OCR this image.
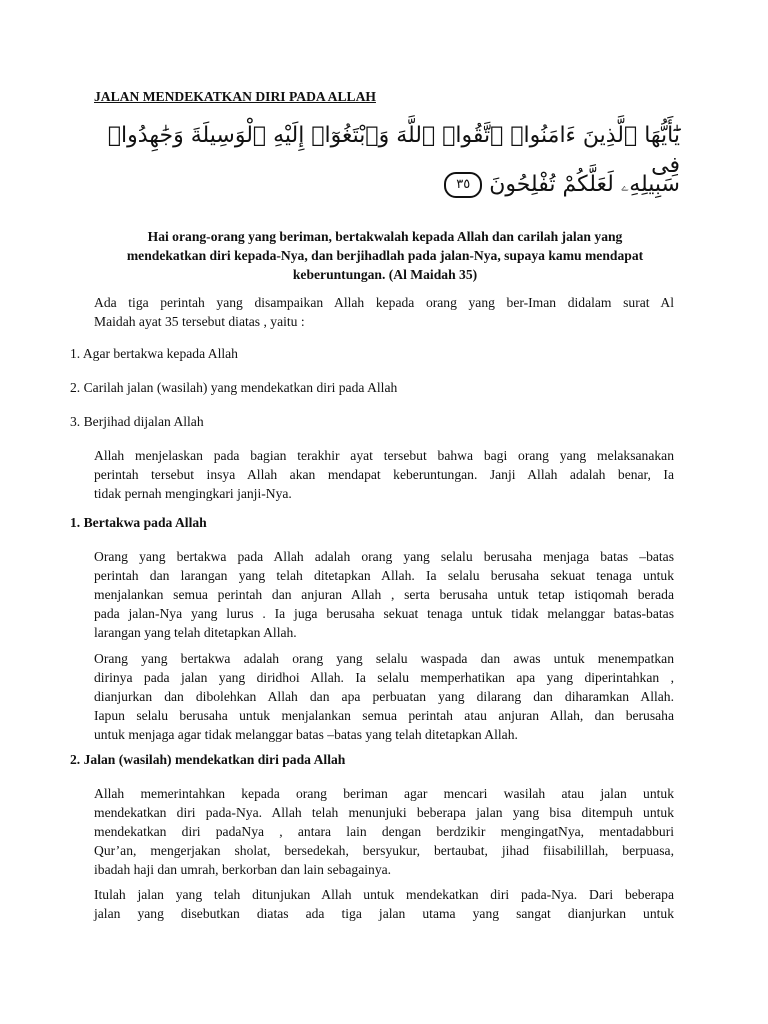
JALAN MENDEKATKAN DIRI PADA ALLAH
يَٰٓأَيُّهَا ٱلَّذِينَ ءَامَنُوا۟ ٱتَّقُوا۟ ٱللَّهَ وَٱبْتَغُوٓا۟ إِلَيْهِ ٱلْوَسِيلَةَ وَجَٰهِدُوا۟ فِى
سَبِيلِهِۦ لَعَلَّكُمْ تُفْلِحُونَ ٣٥
Hai orang-orang yang beriman, bertakwalah kepada Allah dan carilah jalan yang mendekatkan diri kepada-Nya, dan berjihadlah pada jalan-Nya, supaya kamu mendapat keberuntungan. (Al Maidah 35)
Ada tiga perintah yang disampaikan Allah kepada orang yang ber-Iman didalam surat Al
Maidah ayat 35 tersebut diatas , yaitu :
1. Agar bertakwa kepada Allah
2. Carilah jalan (wasilah) yang mendekatkan diri pada Allah
3. Berjihad dijalan Allah
Allah menjelaskan pada bagian terakhir ayat tersebut bahwa bagi orang yang melaksanakan
perintah tersebut insya Allah akan mendapat keberuntungan. Janji Allah adalah benar, Ia
tidak pernah mengingkari janji-Nya.
1. Bertakwa pada Allah
Orang yang bertakwa pada Allah adalah orang yang selalu berusaha menjaga batas –batas
perintah dan larangan yang telah ditetapkan Allah. Ia selalu berusaha sekuat tenaga untuk
menjalankan semua perintah dan anjuran Allah , serta berusaha untuk tetap istiqomah berada
pada jalan-Nya yang lurus . Ia juga berusaha sekuat tenaga untuk tidak melanggar batas-batas
larangan yang telah ditetapkan Allah.
Orang yang bertakwa adalah orang yang selalu waspada dan awas untuk menempatkan
dirinya pada jalan yang diridhoi Allah. Ia selalu memperhatikan apa yang diperintahkan ,
dianjurkan dan dibolehkan Allah dan apa perbuatan yang dilarang dan diharamkan Allah.
Iapun selalu berusaha untuk menjalankan semua perintah atau anjuran Allah, dan berusaha
untuk menjaga agar tidak melanggar batas –batas yang telah ditetapkan Allah.
2. Jalan (wasilah) mendekatkan diri pada Allah
Allah memerintahkan kepada orang beriman agar mencari wasilah atau jalan untuk
mendekatkan diri pada-Nya. Allah telah menunjuki beberapa jalan yang bisa ditempuh untuk
mendekatkan diri padaNya , antara lain dengan berdzikir mengingatNya, mentadabburi
Qur’an, mengerjakan sholat, bersedekah, bersyukur, bertaubat, jihad fiisabilillah, berpuasa,
ibadah haji dan umrah, berkorban dan lain sebagainya.
Itulah jalan yang telah ditunjukan Allah untuk mendekatkan diri pada-Nya. Dari beberapa
jalan yang disebutkan diatas ada tiga jalan utama yang sangat dianjurkan untuk
